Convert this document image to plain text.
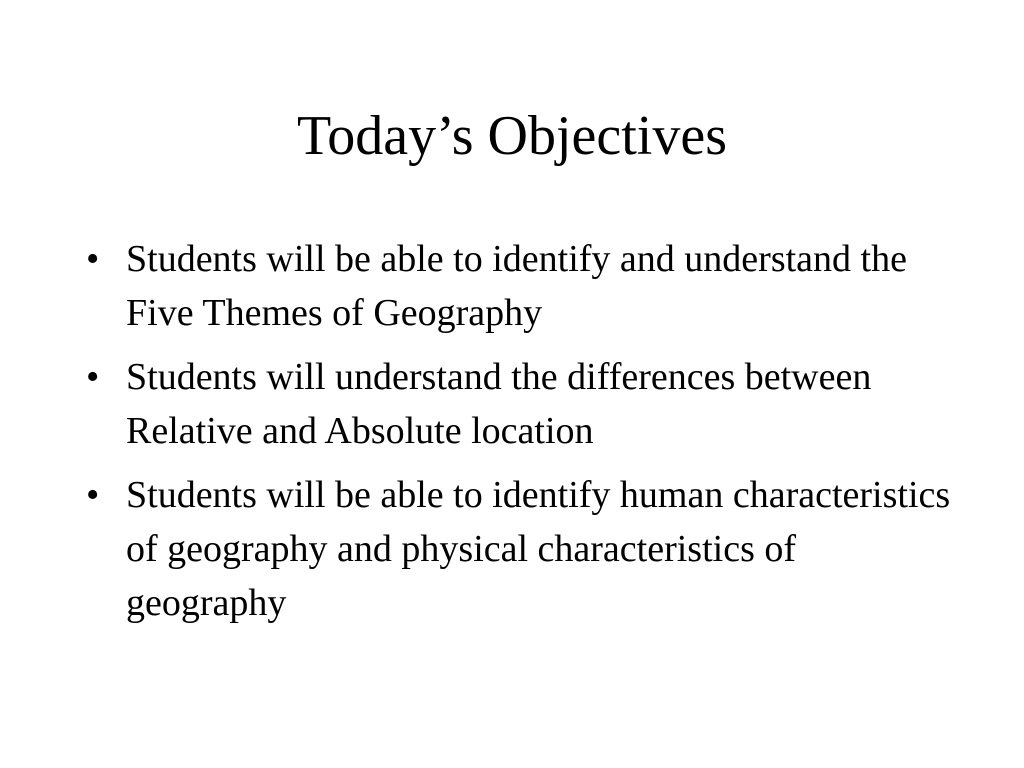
Today’s Objectives
• Students will be able to identify and understand the Five Themes of Geography
• Students will understand the differences between Relative and Absolute location
• Students will be able to identify human characteristics of geography and physical characteristics of geography
